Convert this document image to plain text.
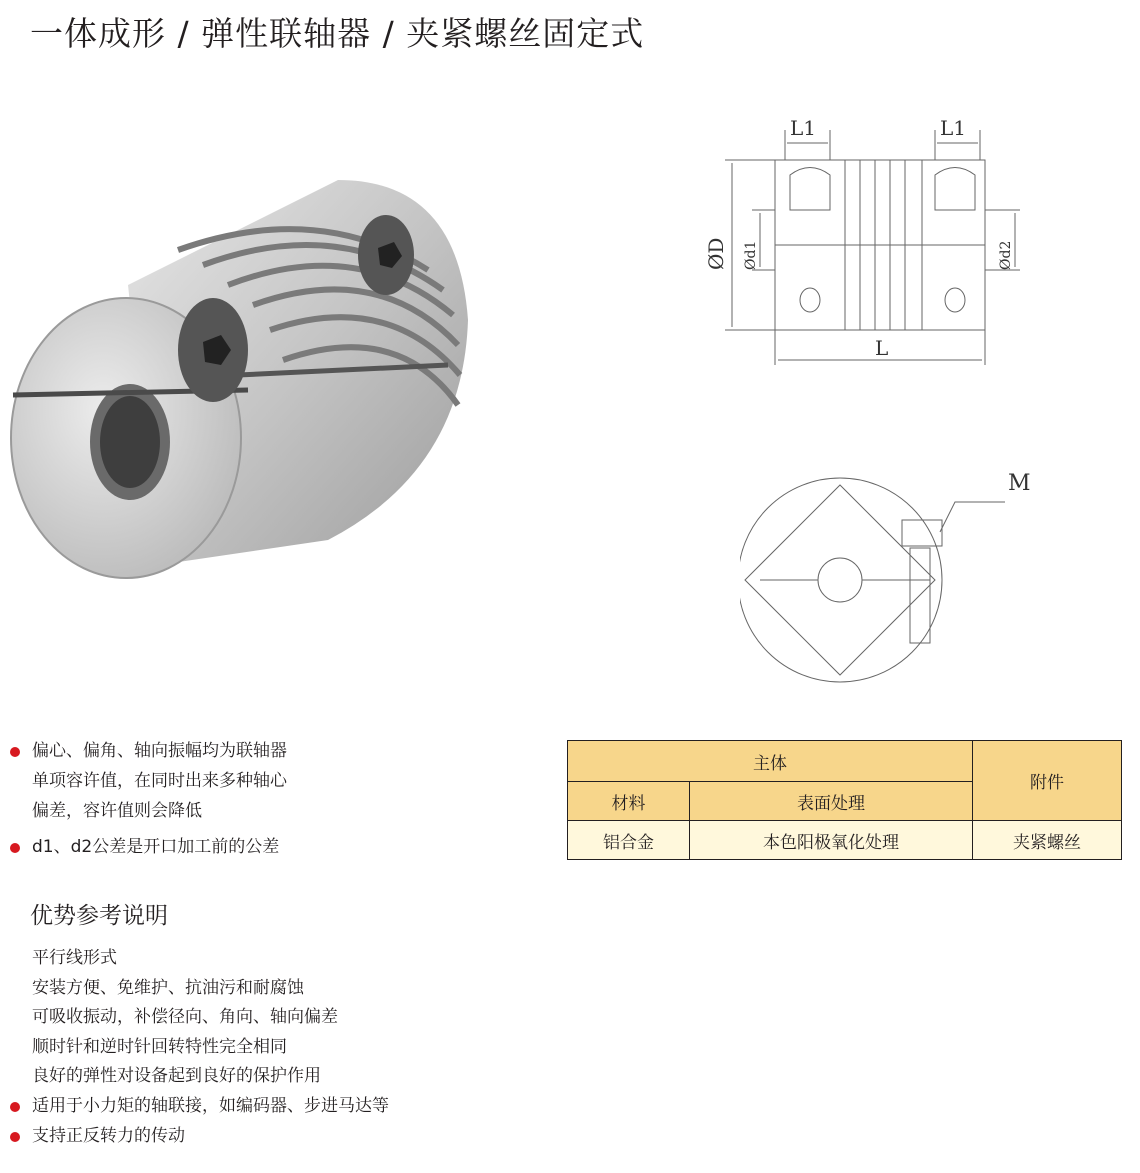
一体成形 / 弹性联轴器 / 夹紧螺丝固定式
L1	L1
ØD Ød1	Ød2
L
M
偏心、偏角、轴向振幅均为联轴器
单项容许值，在同时出来多种轴心
偏差，容许值则会降低
d1、d2公差是开口加工前的公差
优势参考说明
平行线形式
安装方便、免维护、抗油污和耐腐蚀
可吸收振动，补偿径向、角向、轴向偏差
顺时针和逆时针回转特性完全相同
良好的弹性对设备起到良好的保护作用
适用于小力矩的轴联接，如编码器、步进马达等
支持正反转力的传动
主体		附件
材料	表面处理	
铝合金	本色阳极氧化处理	夹紧螺丝
